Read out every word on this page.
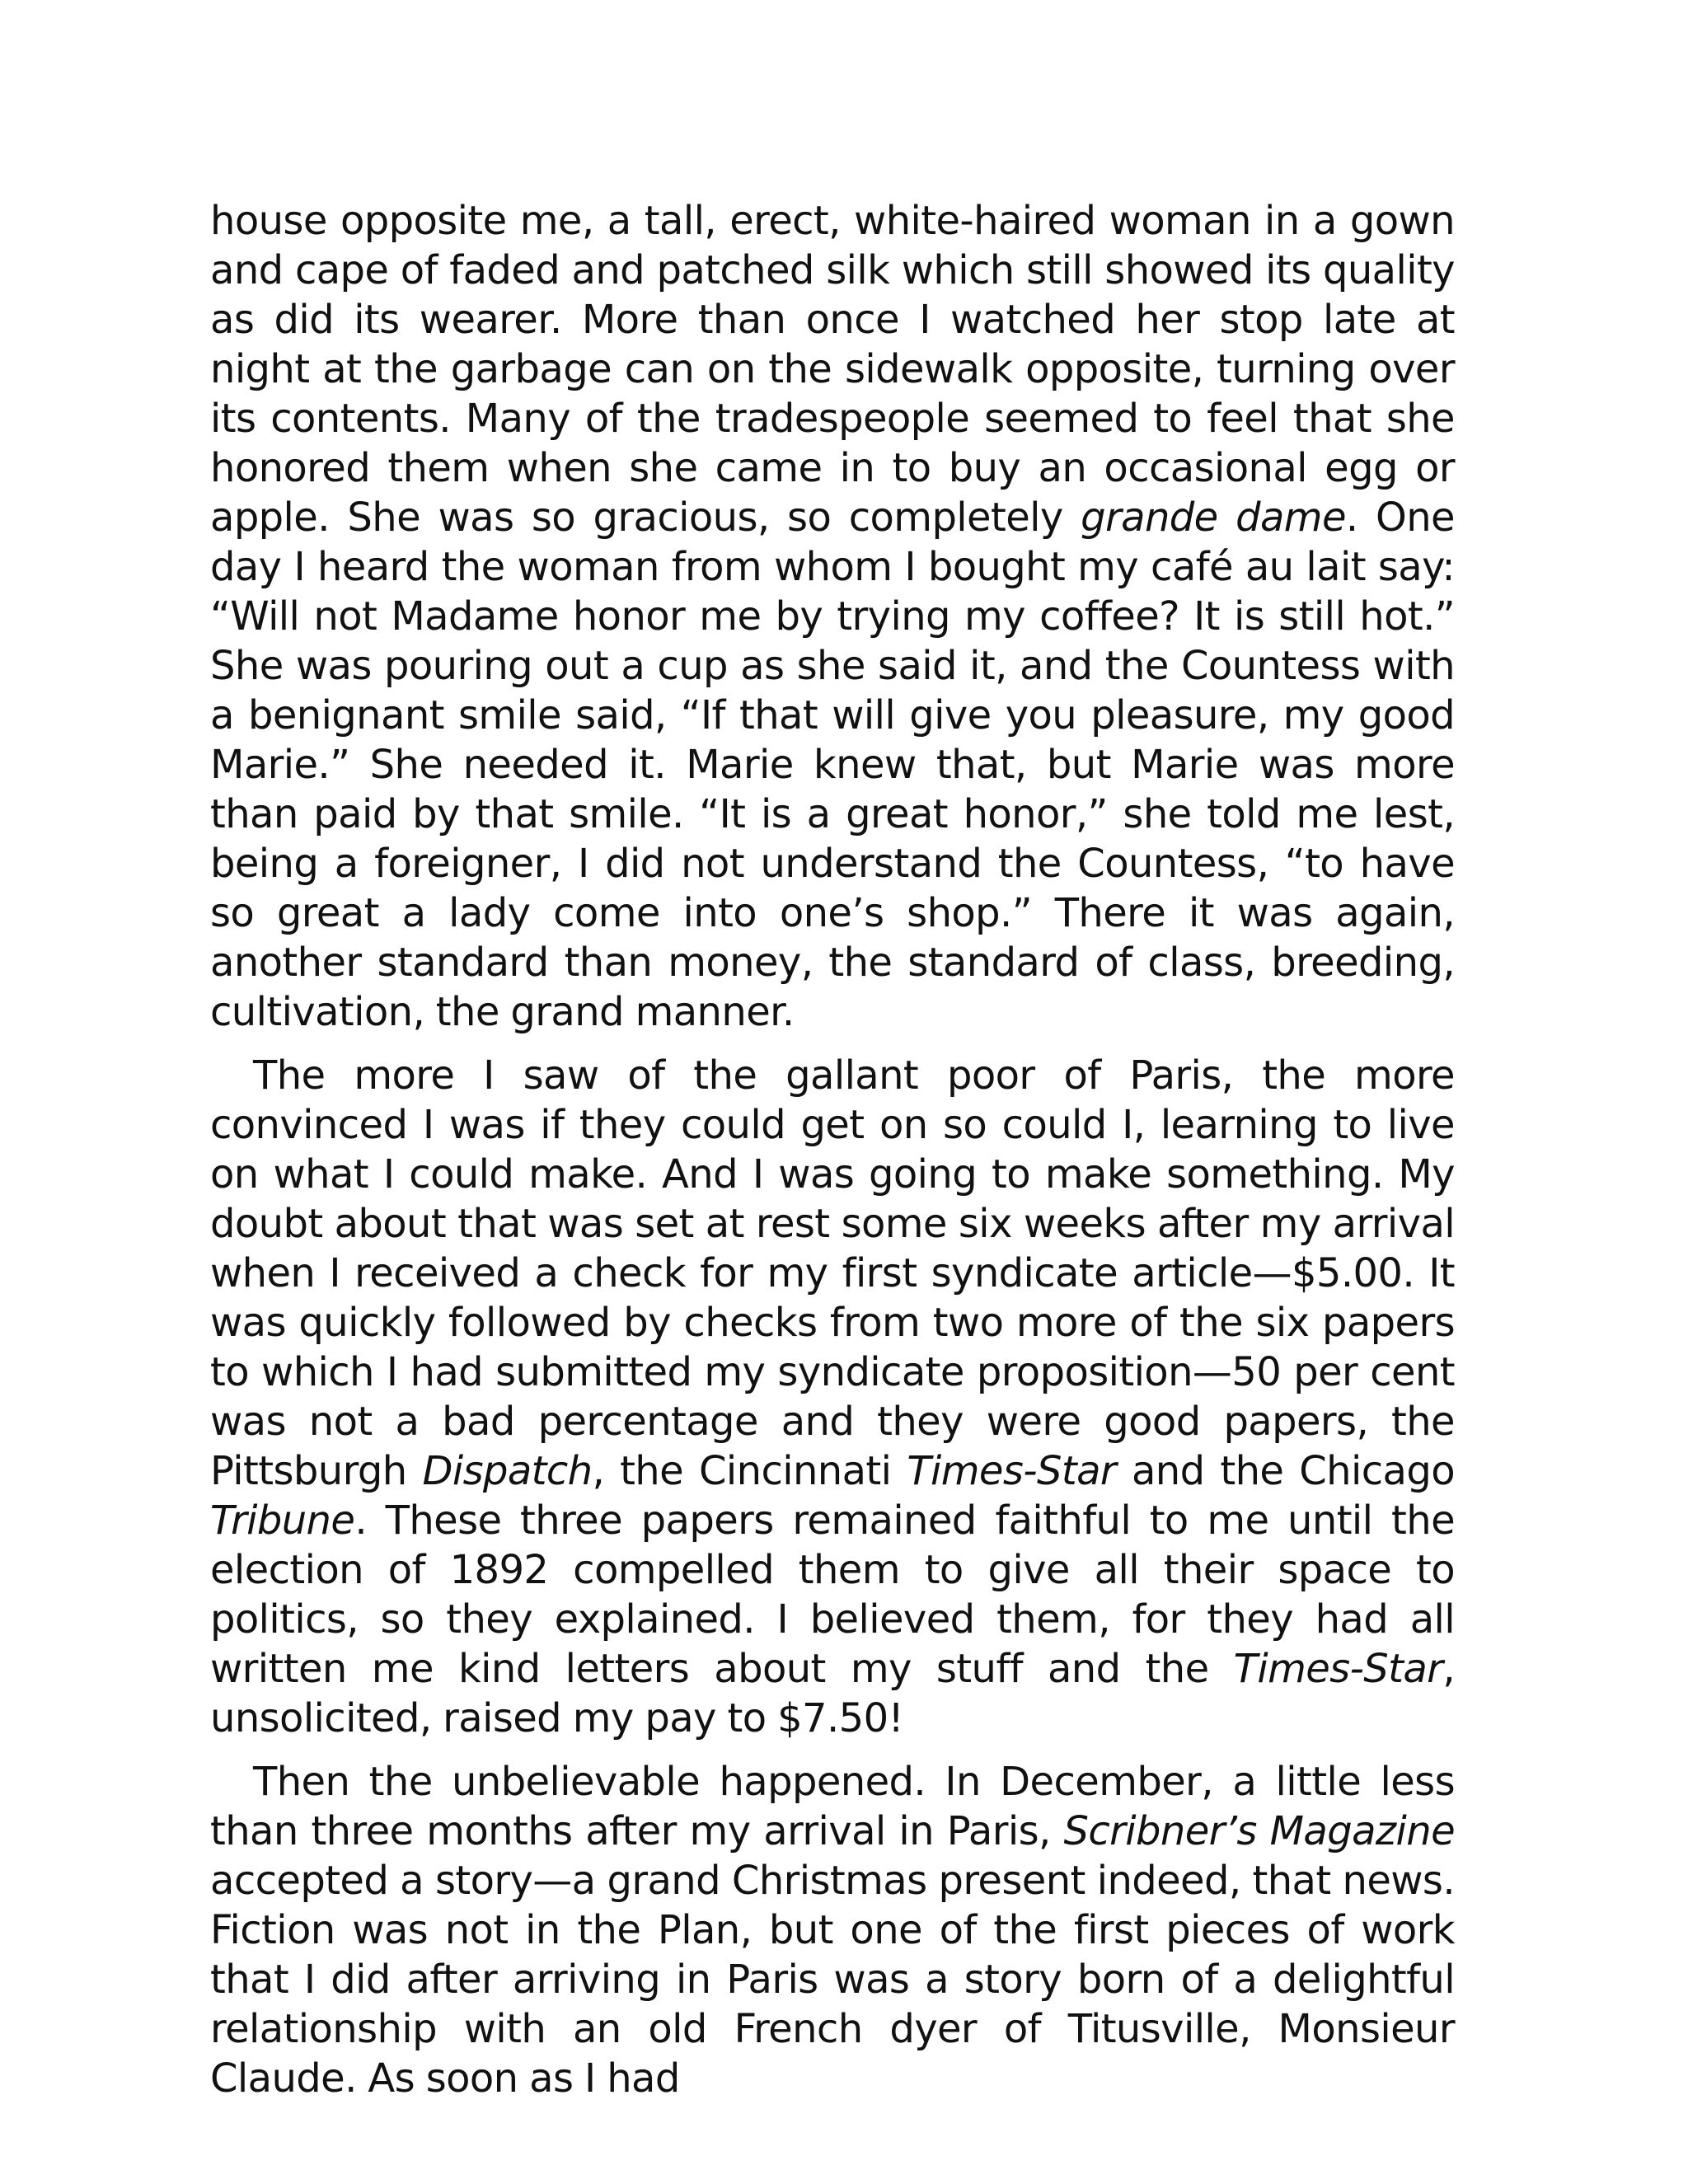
house opposite me, a tall, erect, white-haired woman in a gown and cape of faded and patched silk which still showed its quality as did its wearer. More than once I watched her stop late at night at the garbage can on the sidewalk opposite, turning over its contents. Many of the tradespeople seemed to feel that she honored them when she came in to buy an occasional egg or apple. She was so gracious, so completely grande dame. One day I heard the woman from whom I bought my café au lait say: “Will not Madame honor me by trying my coffee? It is still hot.” She was pouring out a cup as she said it, and the Countess with a benignant smile said, “If that will give you pleasure, my good Marie.” She needed it. Marie knew that, but Marie was more than paid by that smile. “It is a great honor,” she told me lest, being a foreigner, I did not understand the Countess, “to have so great a lady come into one’s shop.” There it was again, another standard than money, the standard of class, breeding, cultivation, the grand manner.

The more I saw of the gallant poor of Paris, the more convinced I was if they could get on so could I, learning to live on what I could make. And I was going to make something. My doubt about that was set at rest some six weeks after my arrival when I received a check for my first syndicate article—$5.00. It was quickly followed by checks from two more of the six papers to which I had submitted my syndicate proposition—50 per cent was not a bad percentage and they were good papers, the Pittsburgh Dispatch, the Cincinnati Times-Star and the Chicago Tribune. These three papers remained faithful to me until the election of 1892 compelled them to give all their space to politics, so they explained. I believed them, for they had all written me kind letters about my stuff and the Times-Star, unsolicited, raised my pay to $7.50!

Then the unbelievable happened. In December, a little less than three months after my arrival in Paris, Scribner’s Magazine accepted a story—a grand Christmas present indeed, that news. Fiction was not in the Plan, but one of the first pieces of work that I did after arriving in Paris was a story born of a delightful relationship with an old French dyer of Titusville, Monsieur Claude. As soon as I had
